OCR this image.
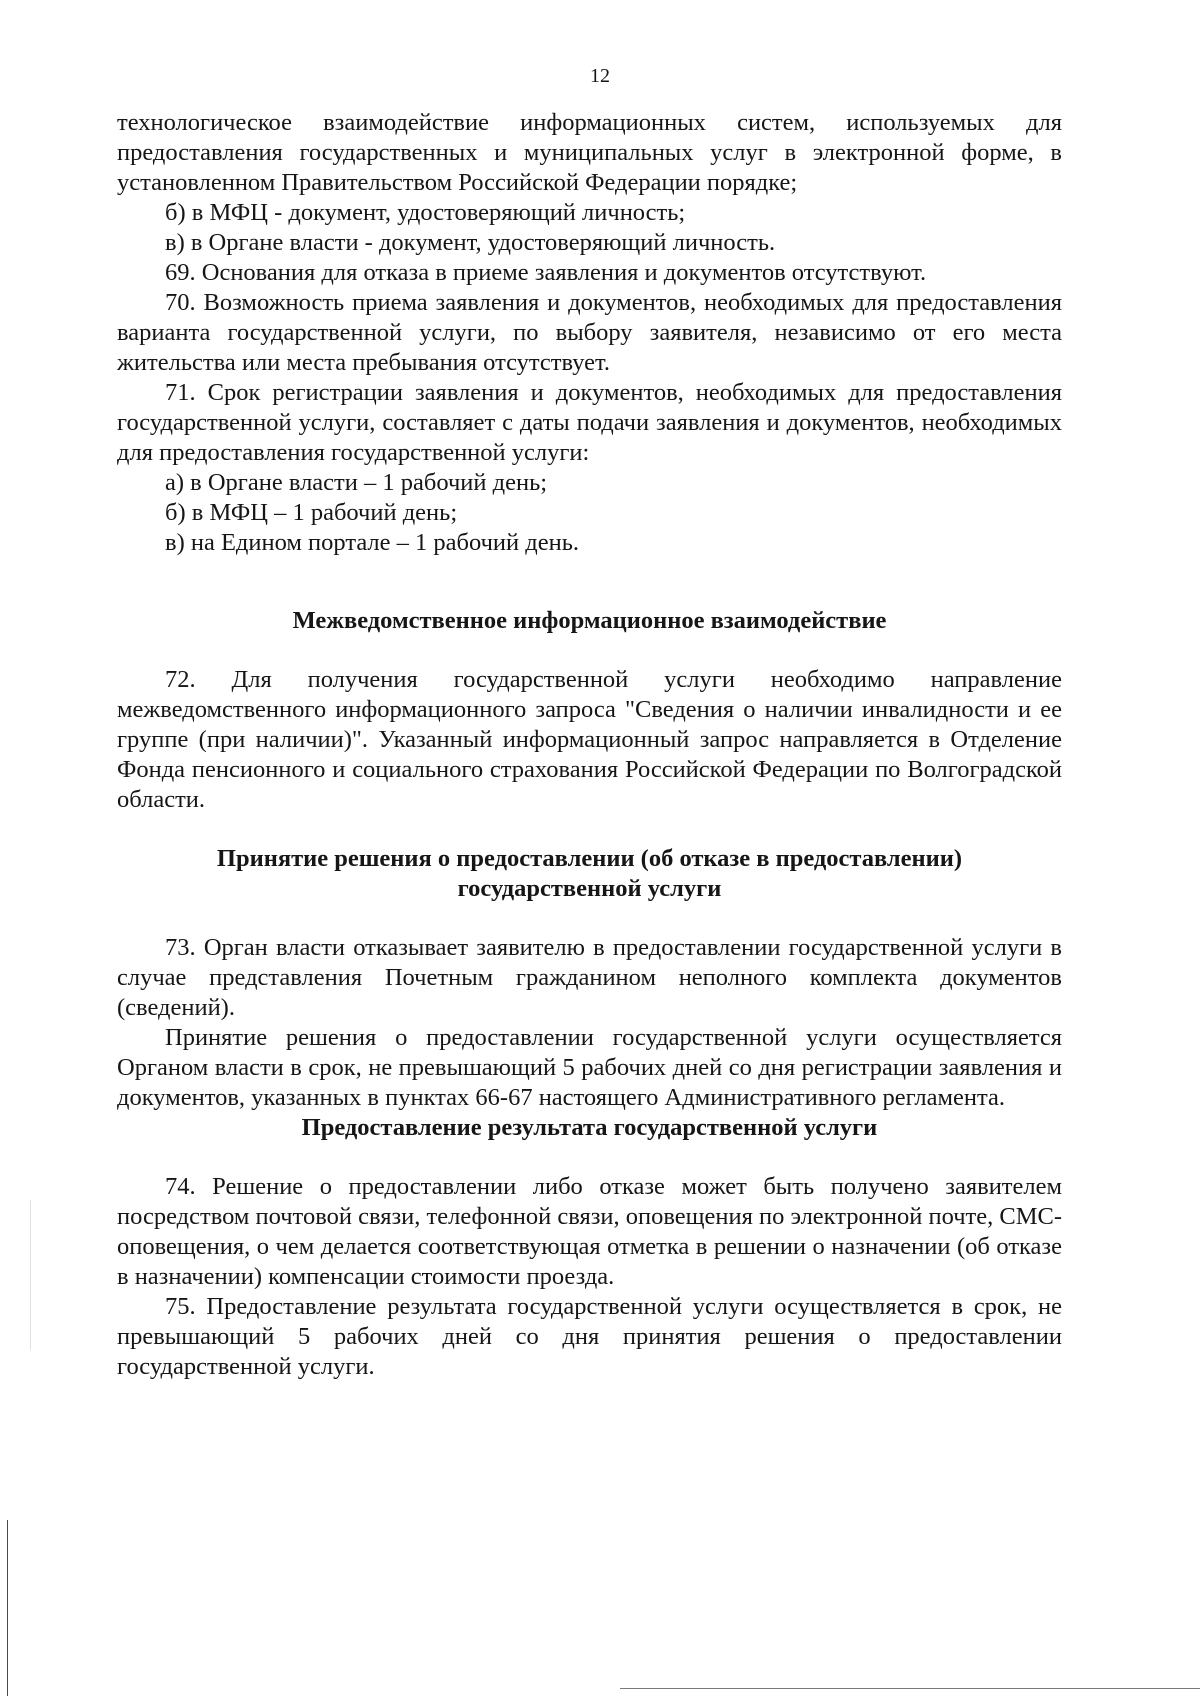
12

технологическое взаимодействие информационных систем, используемых для предоставления государственных и муниципальных услуг в электронной форме, в установленном Правительством Российской Федерации порядке;

б) в МФЦ - документ, удостоверяющий личность;

в) в Органе власти - документ, удостоверяющий личность.

69. Основания для отказа в приеме заявления и документов отсутствуют.

70. Возможность приема заявления и документов, необходимых для предоставления варианта государственной услуги, по выбору заявителя, независимо от его места жительства или места пребывания отсутствует.

71. Срок регистрации заявления и документов, необходимых для предоставления государственной услуги, составляет с даты подачи заявления и документов, необходимых для предоставления государственной услуги:

а) в Органе власти – 1 рабочий день;

б) в МФЦ – 1 рабочий день;

в) на Едином портале – 1 рабочий день.

Межведомственное информационное взаимодействие

72. Для получения государственной услуги необходимо направление межведомственного информационного запроса "Сведения о наличии инвалидности и ее группе (при наличии)". Указанный информационный запрос направляется в Отделение Фонда пенсионного и социального страхования Российской Федерации по Волгоградской области.

Принятие решения о предоставлении (об отказе в предоставлении)

государственной услуги

73. Орган власти отказывает заявителю в предоставлении государственной услуги в случае представления Почетным гражданином неполного комплекта документов (сведений).

Принятие решения о предоставлении государственной услуги осуществляется Органом власти в срок, не превышающий 5 рабочих дней со дня регистрации заявления и документов, указанных в пунктах 66-67 настоящего Административного регламента.

Предоставление результата государственной услуги

74. Решение о предоставлении либо отказе может быть получено заявителем посредством почтовой связи, телефонной связи, оповещения по электронной почте, СМС-оповещения, о чем делается соответствующая отметка в решении о назначении (об отказе в назначении) компенсации стоимости проезда.

75. Предоставление результата государственной услуги осуществляется в срок, не превышающий 5 рабочих дней со дня принятия решения о предоставлении государственной услуги.
